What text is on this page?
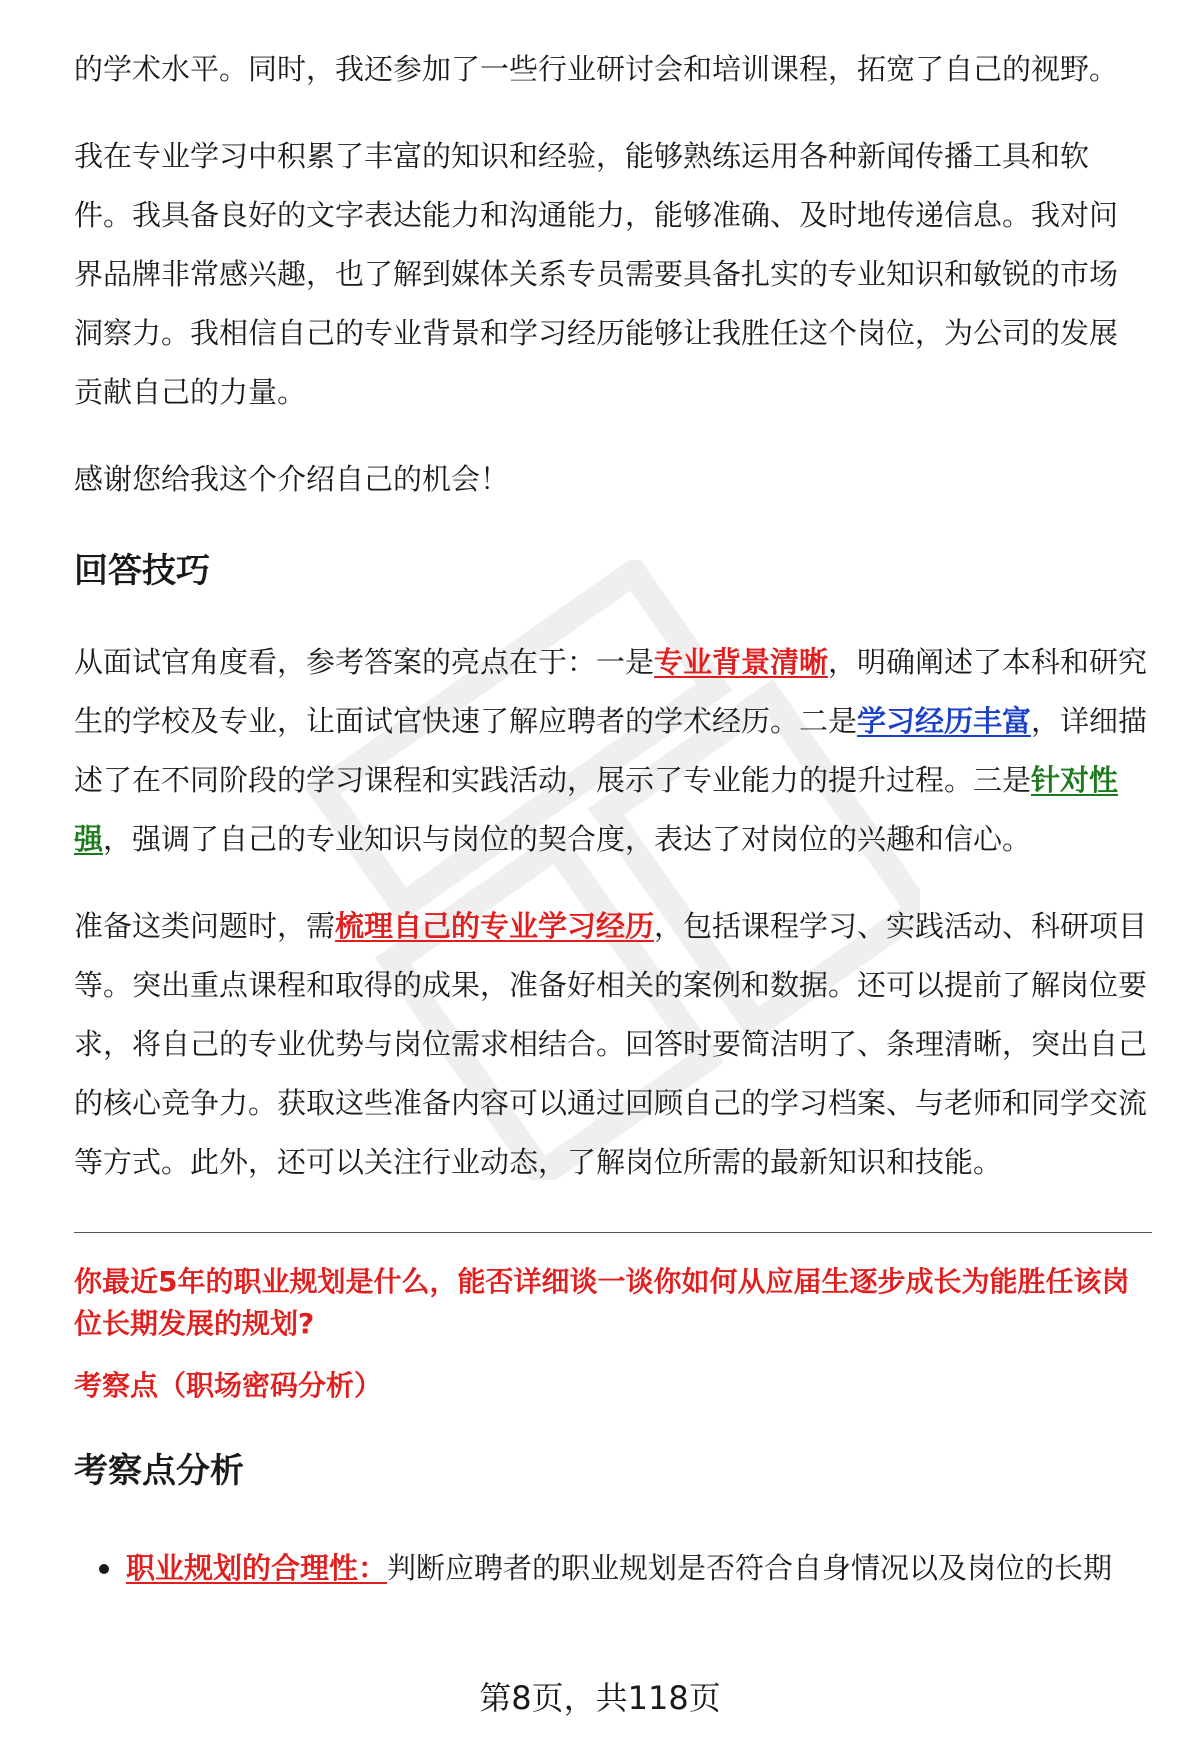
的学术水平。同时，我还参加了一些行业研讨会和培训课程，拓宽了自己的视野。

我在专业学习中积累了丰富的知识和经验，能够熟练运用各种新闻传播工具和软
件。我具备良好的文字表达能力和沟通能力，能够准确、及时地传递信息。我对问
界品牌非常感兴趣，也了解到媒体关系专员需要具备扎实的专业知识和敏锐的市场
洞察力。我相信自己的专业背景和学习经历能够让我胜任这个岗位，为公司的发展
贡献自己的力量。

感谢您给我这个介绍自己的机会！

回答技巧

从面试官角度看，参考答案的亮点在于：一是专业背景清晰，明确阐述了本科和研究生的学校及专业，让面试官快速了解应聘者的学术经历。二是学习经历丰富，详细描述了在不同阶段的学习课程和实践活动，展示了专业能力的提升过程。三是针对性强，强调了自己的专业知识与岗位的契合度，表达了对岗位的兴趣和信心。

准备这类问题时，需梳理自己的专业学习经历，包括课程学习、实践活动、科研项目等。突出重点课程和取得的成果，准备好相关的案例和数据。还可以提前了解岗位要求，将自己的专业优势与岗位需求相结合。回答时要简洁明了、条理清晰，突出自己的核心竞争力。获取这些准备内容可以通过回顾自己的学习档案、与老师和同学交流等方式。此外，还可以关注行业动态，了解岗位所需的最新知识和技能。

你最近5年的职业规划是什么，能否详细谈一谈你如何从应届生逐步成长为能胜任该岗位长期发展的规划?

考察点（职场密码分析）

考察点分析
职业规划的合理性：判断应聘者的职业规划是否符合自身情况以及岗位的长期
第8页，共118页
